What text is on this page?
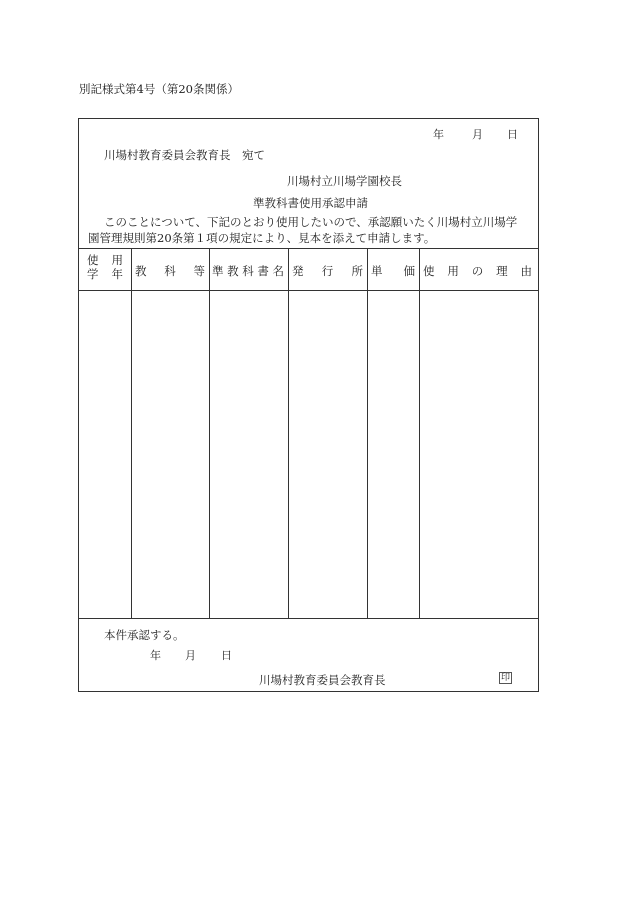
別記様式第4号（第20条関係）
年	月 日
川場村教育委員会教育長　宛て
川場村立川場学園校長
準教科書使用承認申請
このことについて、下記のとおり使用したいので、承認願いたく川場村立川場学
園管理規則第20条第１項の規定により、見本を添えて申請します。
使 用
学 年 教 科 等 準 教 科 書 名 発 行 所 単 価 使 用 の 理 由
本件承認する。
年 月 日
川場村教育委員会教育長	印
